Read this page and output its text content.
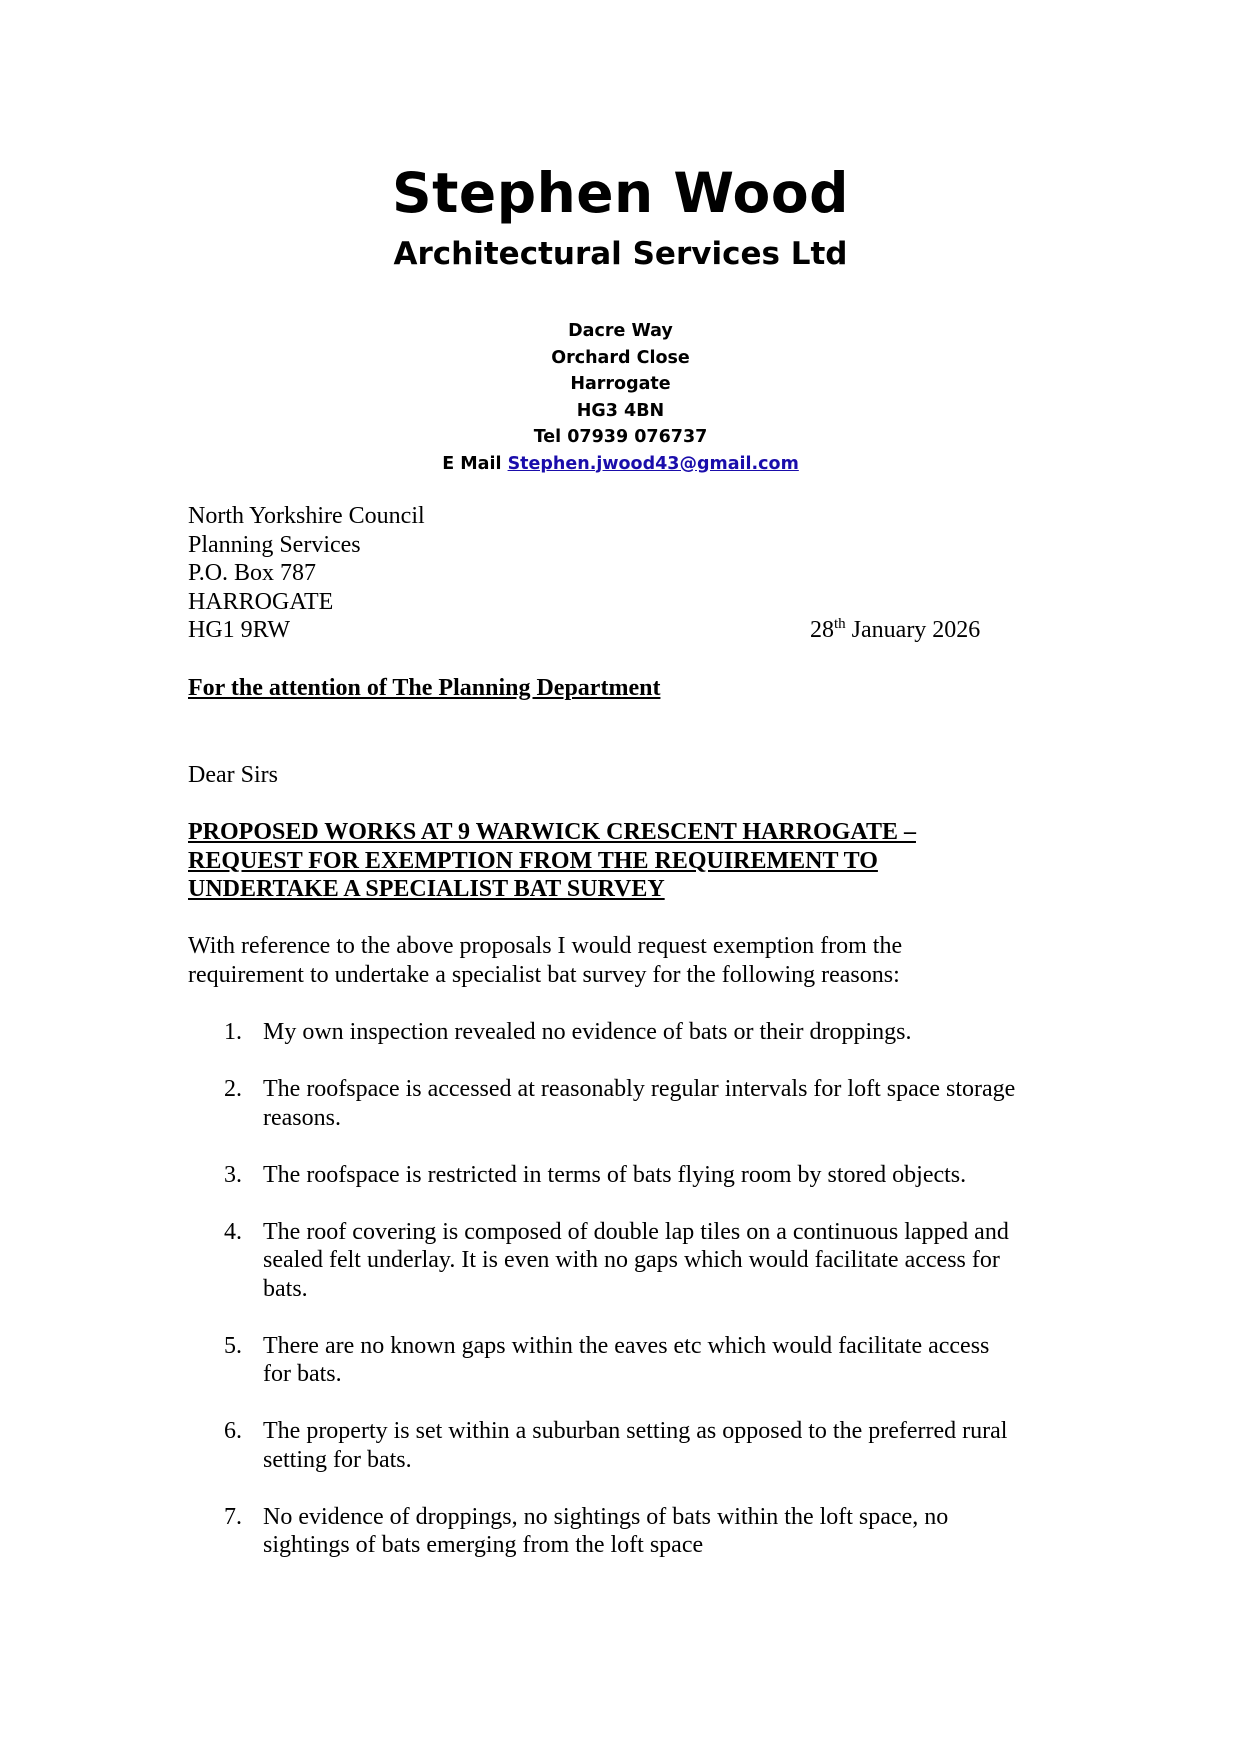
Stephen Wood
Architectural Services Ltd
Dacre Way
Orchard Close
Harrogate
HG3 4BN
Tel 07939 076737
E Mail Stephen.jwood43@gmail.com
North Yorkshire Council
Planning Services
P.O. Box 787
HARROGATE
HG1 9RW	28th January 2026
For the attention of The Planning Department
Dear Sirs
PROPOSED WORKS AT 9 WARWICK CRESCENT HARROGATE –
REQUEST FOR EXEMPTION FROM THE REQUIREMENT TO
UNDERTAKE A SPECIALIST BAT SURVEY
With reference to the above proposals I would request exemption from the
requirement to undertake a specialist bat survey for the following reasons:
1. My own inspection revealed no evidence of bats or their droppings.
2. The roofspace is accessed at reasonably regular intervals for loft space storage
reasons.
3. The roofspace is restricted in terms of bats flying room by stored objects.
4. The roof covering is composed of double lap tiles on a continuous lapped and
sealed felt underlay. It is even with no gaps which would facilitate access for
bats.
5. There are no known gaps within the eaves etc which would facilitate access
for bats.
6. The property is set within a suburban setting as opposed to the preferred rural
setting for bats.
7. No evidence of droppings, no sightings of bats within the loft space, no
sightings of bats emerging from the loft space
